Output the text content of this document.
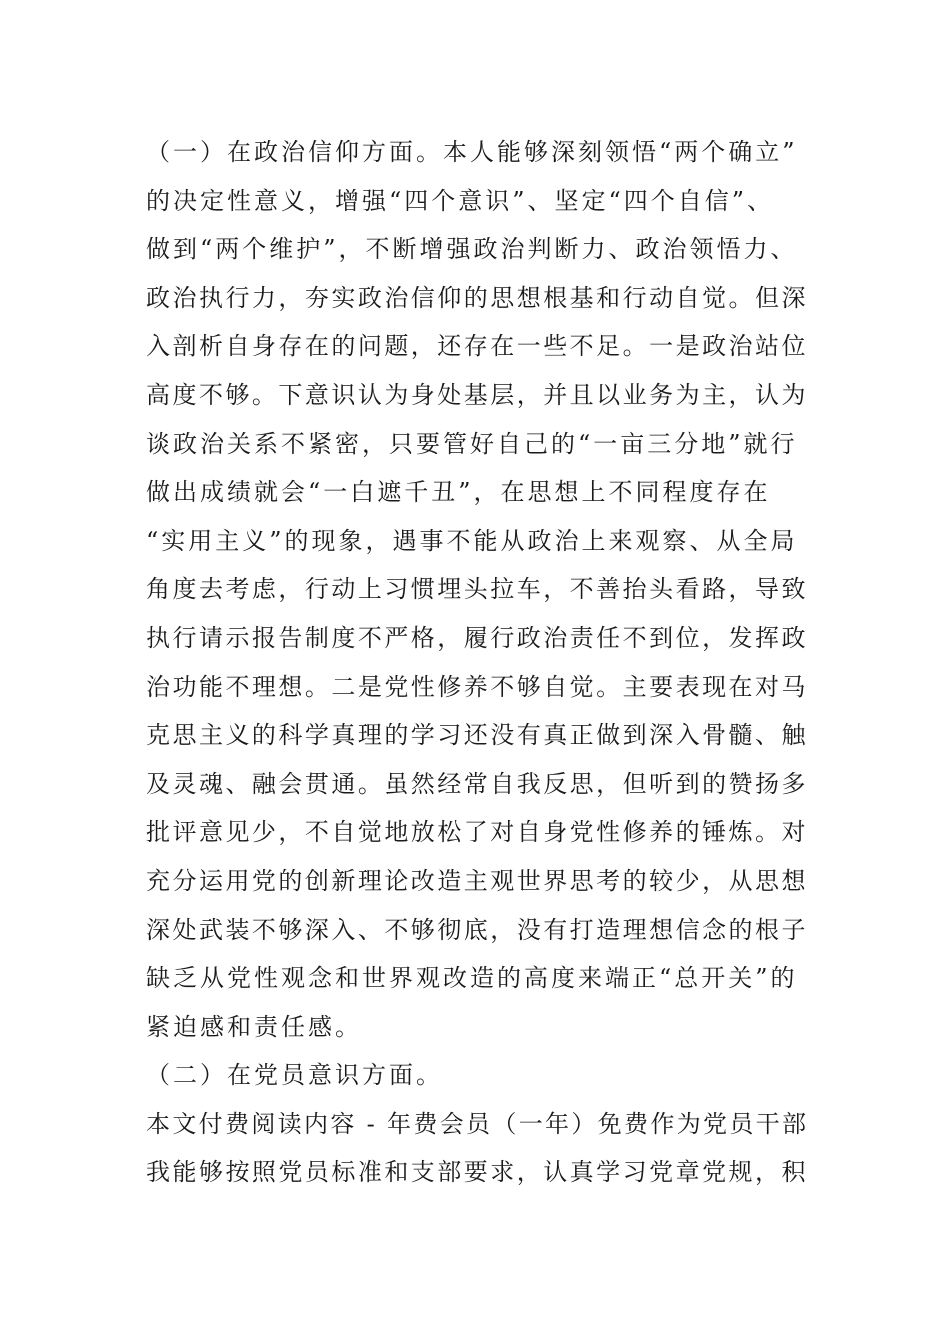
（一）在政治信仰方面。本人能够深刻领悟“两个确立”
的决定性意义，增强“四个意识”、坚定“四个自信”、
做到“两个维护”，不断增强政治判断力、政治领悟力、
政治执行力，夯实政治信仰的思想根基和行动自觉。但深
入剖析自身存在的问题，还存在一些不足。一是政治站位
高度不够。下意识认为身处基层，并且以业务为主，认为
谈政治关系不紧密，只要管好自己的“一亩三分地”就行
做出成绩就会“一白遮千丑”，在思想上不同程度存在
“实用主义”的现象，遇事不能从政治上来观察、从全局
角度去考虑，行动上习惯埋头拉车，不善抬头看路，导致
执行请示报告制度不严格，履行政治责任不到位，发挥政
治功能不理想。二是党性修养不够自觉。主要表现在对马
克思主义的科学真理的学习还没有真正做到深入骨髓、触
及灵魂、融会贯通。虽然经常自我反思，但听到的赞扬多
批评意见少，不自觉地放松了对自身党性修养的锤炼。对
充分运用党的创新理论改造主观世界思考的较少，从思想
深处武装不够深入、不够彻底，没有打造理想信念的根子
缺乏从党性观念和世界观改造的高度来端正“总开关”的
紧迫感和责任感。
（二）在党员意识方面。
本文付费阅读内容 - 年费会员（一年）免费作为党员干部
我能够按照党员标准和支部要求，认真学习党章党规，积
